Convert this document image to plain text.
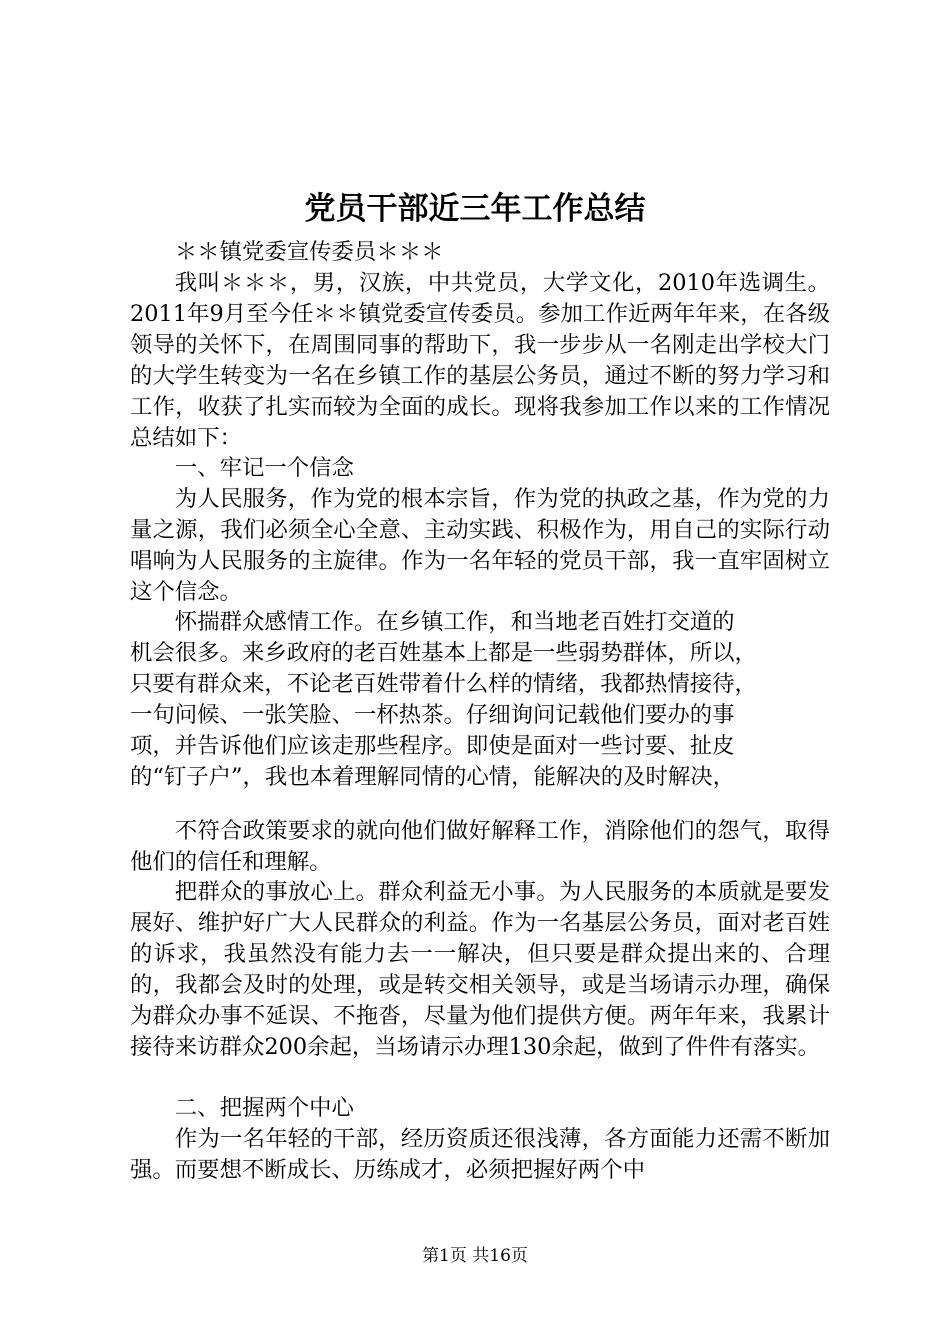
党员干部近三年工作总结

＊＊镇党委宣传委员＊＊＊

我叫＊＊＊，男，汉族，中共党员，大学文化，2010年选调生。2011年9月至今任＊＊镇党委宣传委员。参加工作近两年年来，在各级领导的关怀下，在周围同事的帮助下，我一步步从一名刚走出学校大门的大学生转变为一名在乡镇工作的基层公务员，通过不断的努力学习和工作，收获了扎实而较为全面的成长。现将我参加工作以来的工作情况总结如下：

一、牢记一个信念

为人民服务，作为党的根本宗旨，作为党的执政之基，作为党的力量之源，我们必须全心全意、主动实践、积极作为，用自己的实际行动唱响为人民服务的主旋律。作为一名年轻的党员干部，我一直牢固树立这个信念。

怀揣群众感情工作。在乡镇工作，和当地老百姓打交道的
机会很多。来乡政府的老百姓基本上都是一些弱势群体，所以，
只要有群众来，不论老百姓带着什么样的情绪，我都热情接待，
一句问候、一张笑脸、一杯热茶。仔细询问记载他们要办的事
项，并告诉他们应该走那些程序。即使是面对一些讨要、扯皮
的“钉子户”，我也本着理解同情的心情，能解决的及时解决，

不符合政策要求的就向他们做好解释工作，消除他们的怨气，取得他们的信任和理解。

把群众的事放心上。群众利益无小事。为人民服务的本质就是要发展好、维护好广大人民群众的利益。作为一名基层公务员，面对老百姓的诉求，我虽然没有能力去一一解决，但只要是群众提出来的、合理的，我都会及时的处理，或是转交相关领导，或是当场请示办理，确保为群众办事不延误、不拖沓，尽量为他们提供方便。两年年来，我累计接待来访群众200余起，当场请示办理130余起，做到了件件有落实。

二、把握两个中心

作为一名年轻的干部，经历资质还很浅薄，各方面能力还需不断加强。而要想不断成长、历练成才，必须把握好两个中

第1页 共16页
